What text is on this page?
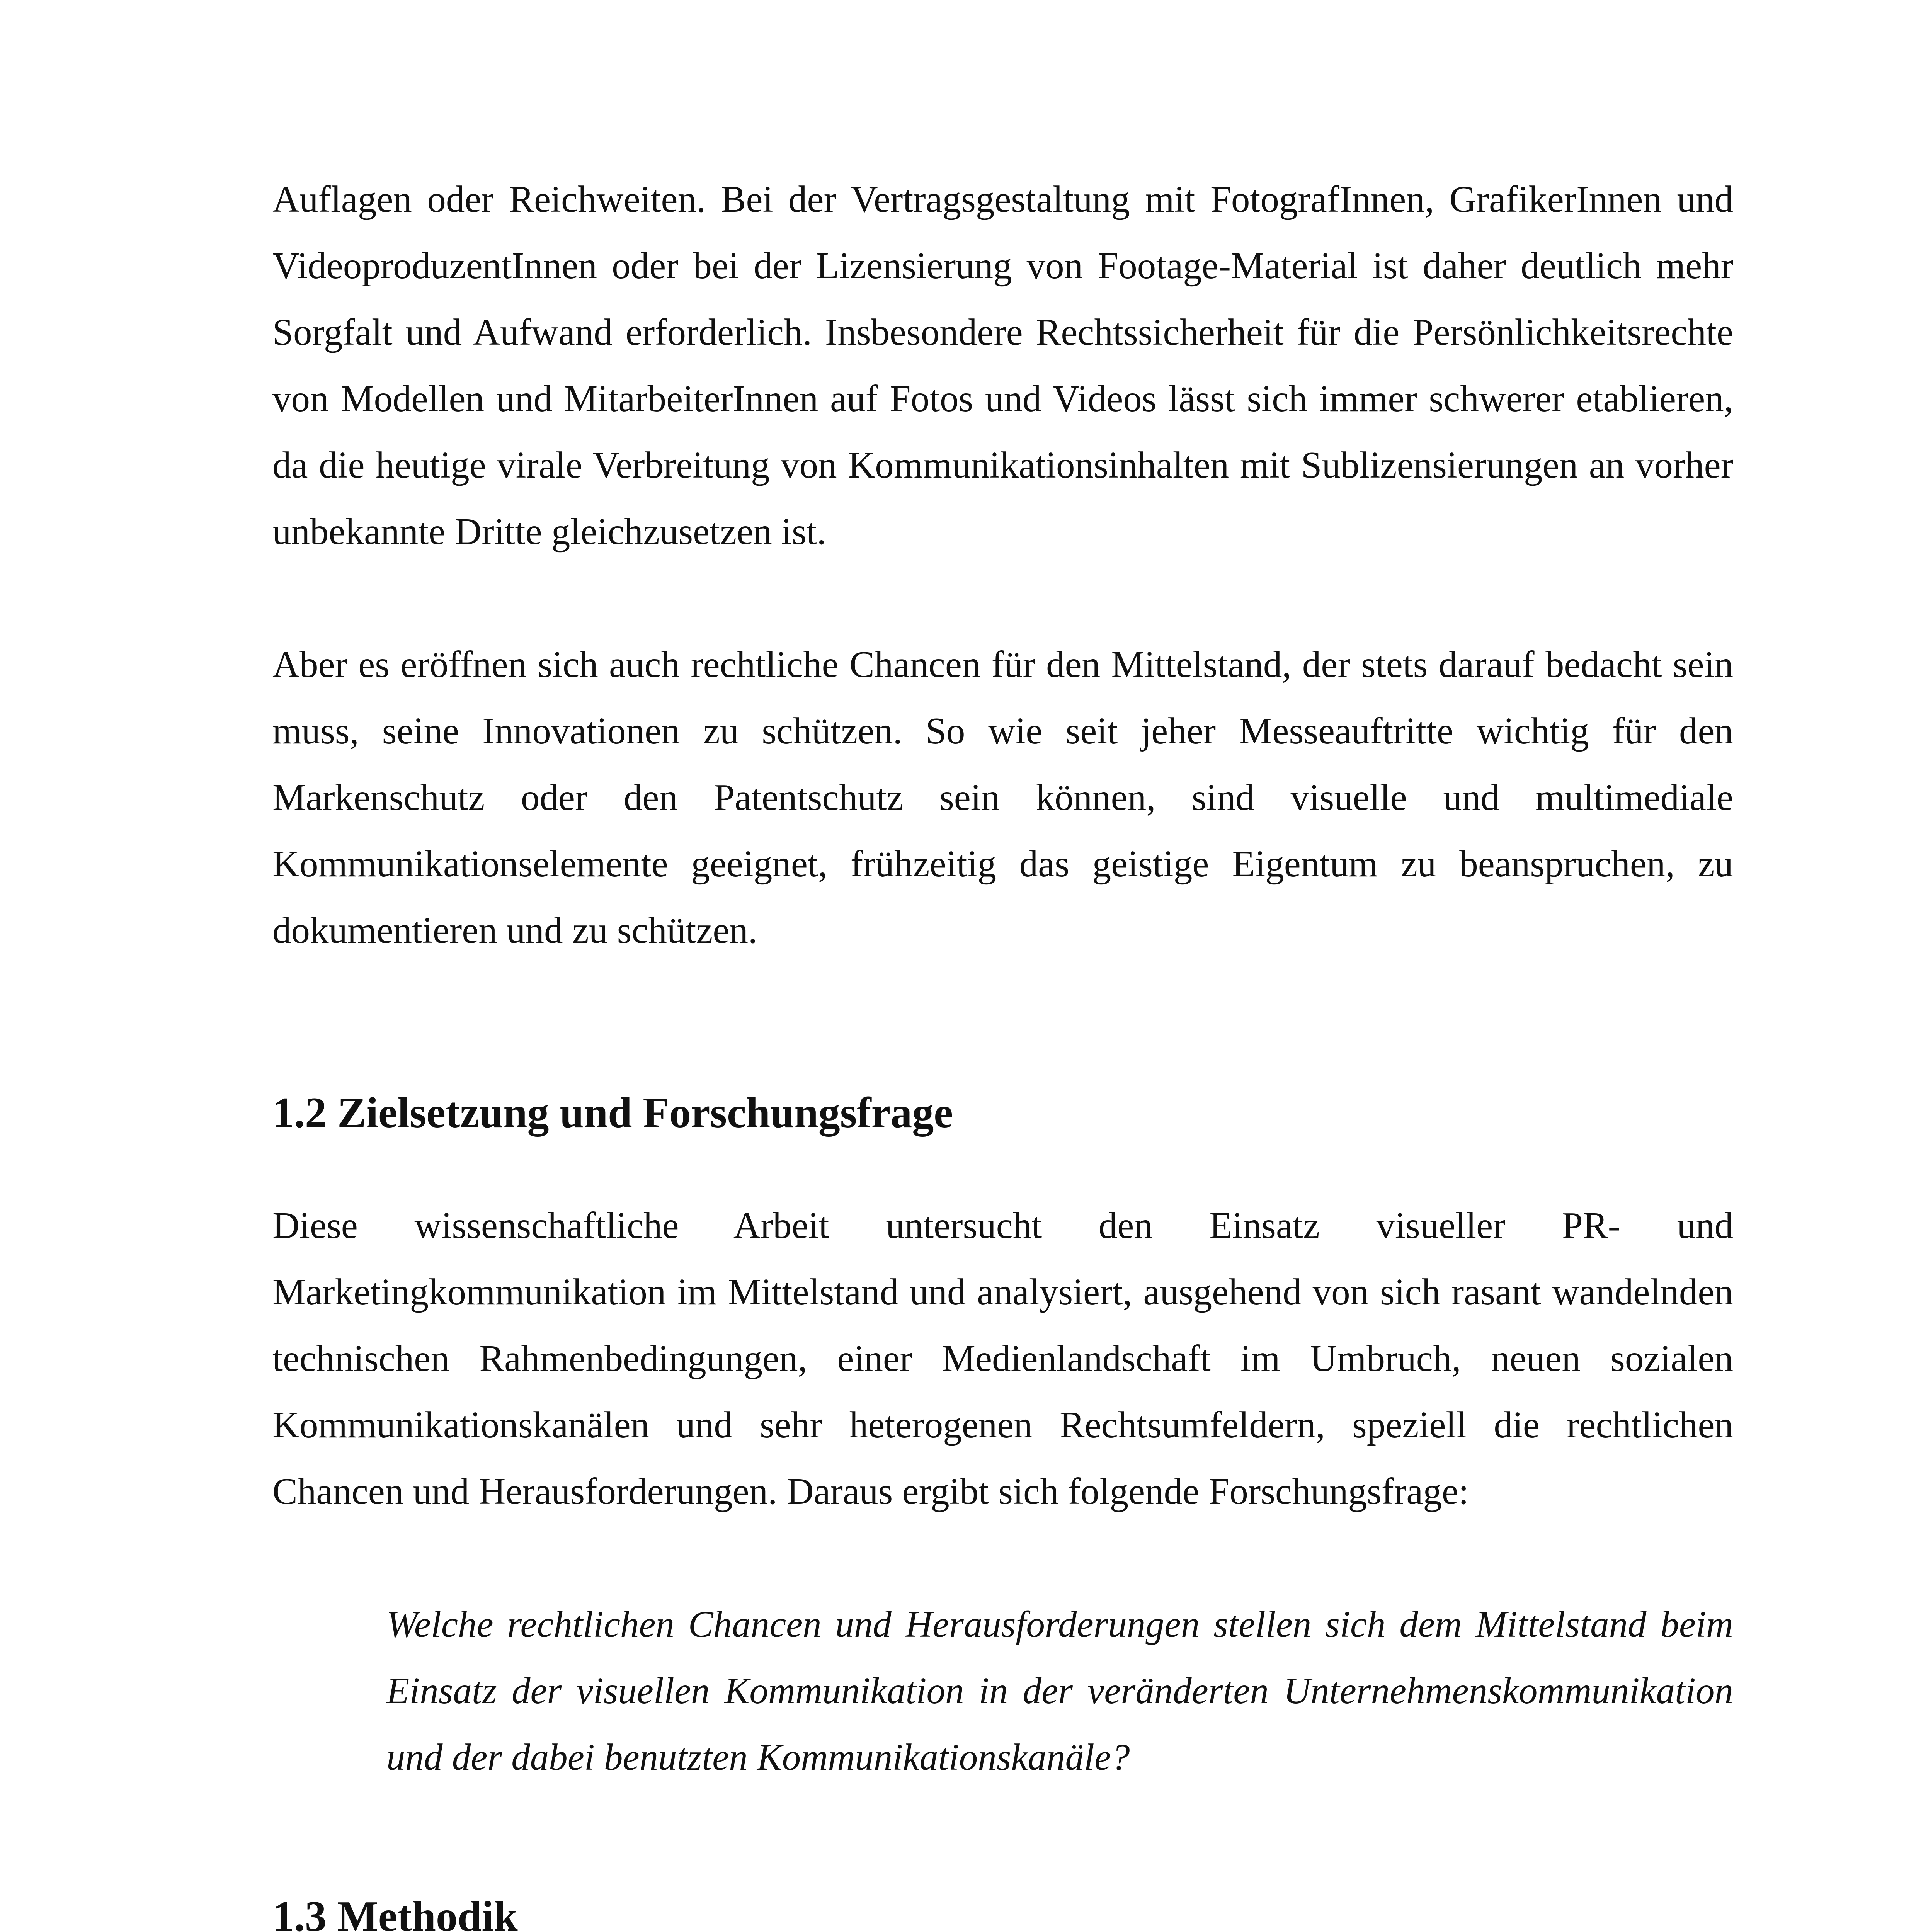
Auflagen oder Reichweiten. Bei der Vertragsgestaltung mit FotografInnen, GrafikerInnen und VideoproduzentInnen oder bei der Lizensierung von Footage-Material ist daher deutlich mehr Sorgfalt und Aufwand erforderlich. Insbesondere Rechtssicherheit für die Persönlichkeitsrechte von Modellen und MitarbeiterInnen auf Fotos und Videos lässt sich immer schwerer etablieren, da die heutige virale Verbreitung von Kommunikationsinhalten mit Sublizensierungen an vorher unbekannte Dritte gleichzusetzen ist.

Aber es eröffnen sich auch rechtliche Chancen für den Mittelstand, der stets darauf bedacht sein muss, seine Innovationen zu schützen. So wie seit jeher Messeauftritte wichtig für den Markenschutz oder den Patentschutz sein können, sind visuelle und multimediale Kommunikationselemente geeignet, frühzeitig das geistige Eigentum zu beanspruchen, zu dokumentieren und zu schützen.

1.2 Zielsetzung und Forschungsfrage

Diese wissenschaftliche Arbeit untersucht den Einsatz visueller PR- und Marketingkommunikation im Mittelstand und analysiert, ausgehend von sich rasant wandelnden technischen Rahmenbedingungen, einer Medienlandschaft im Umbruch, neuen sozialen Kommunikationskanälen und sehr heterogenen Rechtsumfeldern, speziell die rechtlichen Chancen und Herausforderungen. Daraus ergibt sich folgende Forschungsfrage:

Welche rechtlichen Chancen und Herausforderungen stellen sich dem Mittelstand beim Einsatz der visuellen Kommunikation in der veränderten Unternehmenskommunikation und der dabei benutzten Kommunikationskanäle?

1.3 Methodik
